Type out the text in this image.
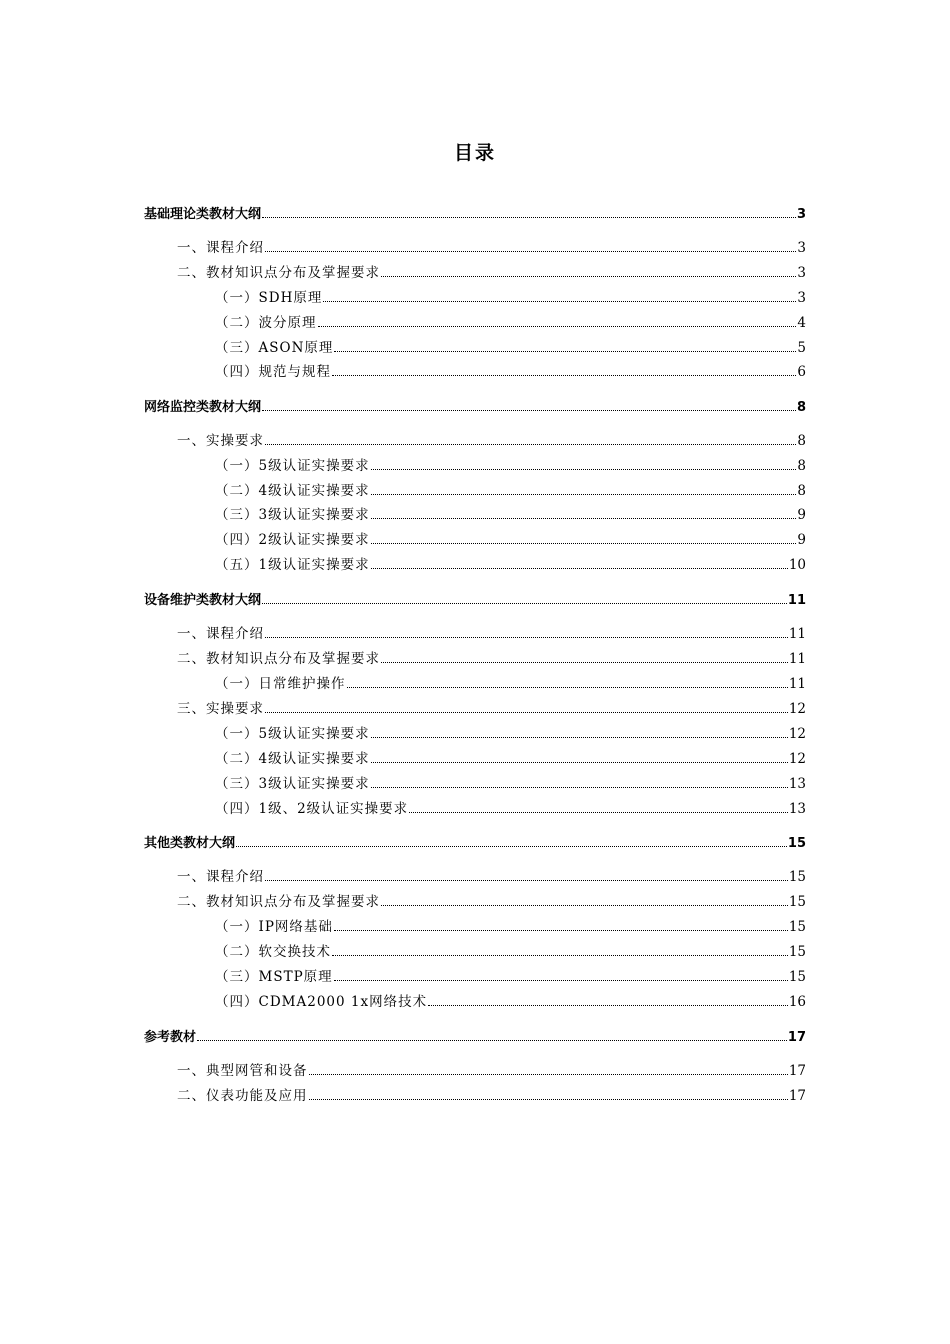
目录
基础理论类教材大纲	3
一、课程介绍	3
二、教材知识点分布及掌握要求	3
（一）SDH原理	3
（二）波分原理	4
（三）ASON原理	5
（四）规范与规程	6
网络监控类教材大纲	8
一、实操要求	8
（一）5级认证实操要求	8
（二）4级认证实操要求	8
（三）3级认证实操要求	9
（四）2级认证实操要求	9
（五）1级认证实操要求	10
设备维护类教材大纲	11
一、课程介绍	11
二、教材知识点分布及掌握要求	11
（一）日常维护操作	11
三、实操要求	12
（一）5级认证实操要求	12
（二）4级认证实操要求	12
（三）3级认证实操要求	13
（四）1级、2级认证实操要求	13
其他类教材大纲	15
一、课程介绍	15
二、教材知识点分布及掌握要求	15
（一）IP网络基础	15
（二）软交换技术	15
（三）MSTP原理	15
（四）CDMA2000 1x网络技术	16
参考教材	17
一、典型网管和设备	17
二、仪表功能及应用	17
